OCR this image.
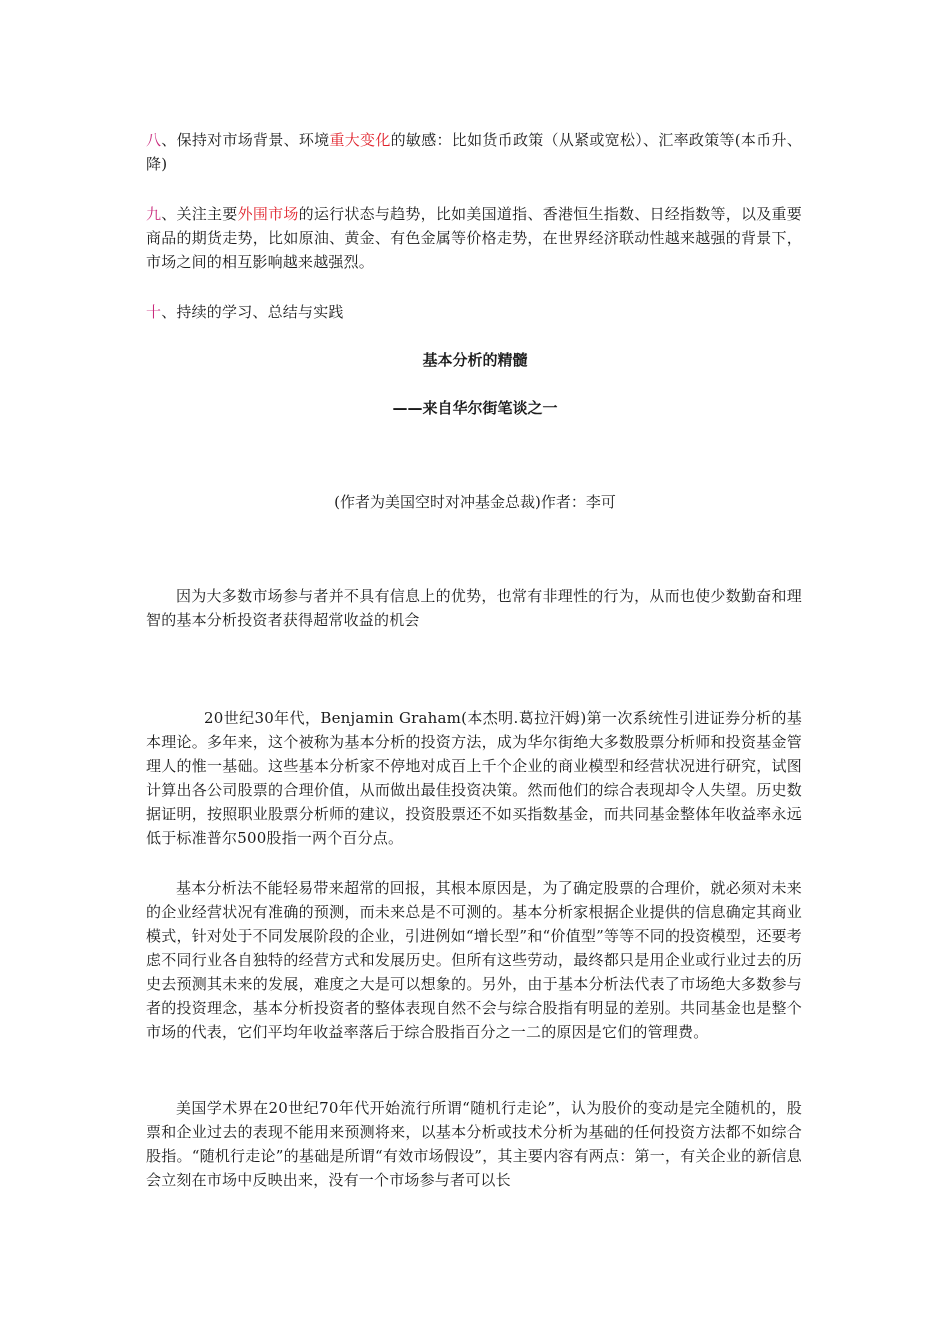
八、保持对市场背景、环境重大变化的敏感：比如货币政策（从紧或宽松）、汇率政策等(本币升、降)

九、关注主要外围市场的运行状态与趋势，比如美国道指、香港恒生指数、日经指数等，以及重要商品的期货走势，比如原油、黄金、有色金属等价格走势，在世界经济联动性越来越强的背景下，市场之间的相互影响越来越强烈。

十、持续的学习、总结与实践

基本分析的精髓

——来自华尔街笔谈之一

(作者为美国空时对冲基金总裁)作者：李可

因为大多数市场参与者并不具有信息上的优势，也常有非理性的行为，从而也使少数勤奋和理智的基本分析投资者获得超常收益的机会

20世纪30年代，Benjamin Graham(本杰明.葛拉汗姆)第一次系统性引进证券分析的基本理论。多年来，这个被称为基本分析的投资方法，成为华尔街绝大多数股票分析师和投资基金管理人的惟一基础。这些基本分析家不停地对成百上千个企业的商业模型和经营状况进行研究，试图计算出各公司股票的合理价值，从而做出最佳投资决策。然而他们的综合表现却令人失望。历史数据证明，按照职业股票分析师的建议，投资股票还不如买指数基金，而共同基金整体年收益率永远低于标准普尔500股指一两个百分点。

基本分析法不能轻易带来超常的回报，其根本原因是，为了确定股票的合理价，就必须对未来的企业经营状况有准确的预测，而未来总是不可测的。基本分析家根据企业提供的信息确定其商业模式，针对处于不同发展阶段的企业，引进例如“增长型”和“价值型”等等不同的投资模型，还要考虑不同行业各自独特的经营方式和发展历史。但所有这些劳动，最终都只是用企业或行业过去的历史去预测其未来的发展，难度之大是可以想象的。另外，由于基本分析法代表了市场绝大多数参与者的投资理念，基本分析投资者的整体表现自然不会与综合股指有明显的差别。共同基金也是整个市场的代表，它们平均年收益率落后于综合股指百分之一二的原因是它们的管理费。

美国学术界在20世纪70年代开始流行所谓“随机行走论”，认为股价的变动是完全随机的，股票和企业过去的表现不能用来预测将来，以基本分析或技术分析为基础的任何投资方法都不如综合股指。“随机行走论”的基础是所谓“有效市场假设”，其主要内容有两点：第一，有关企业的新信息会立刻在市场中反映出来，没有一个市场参与者可以长
